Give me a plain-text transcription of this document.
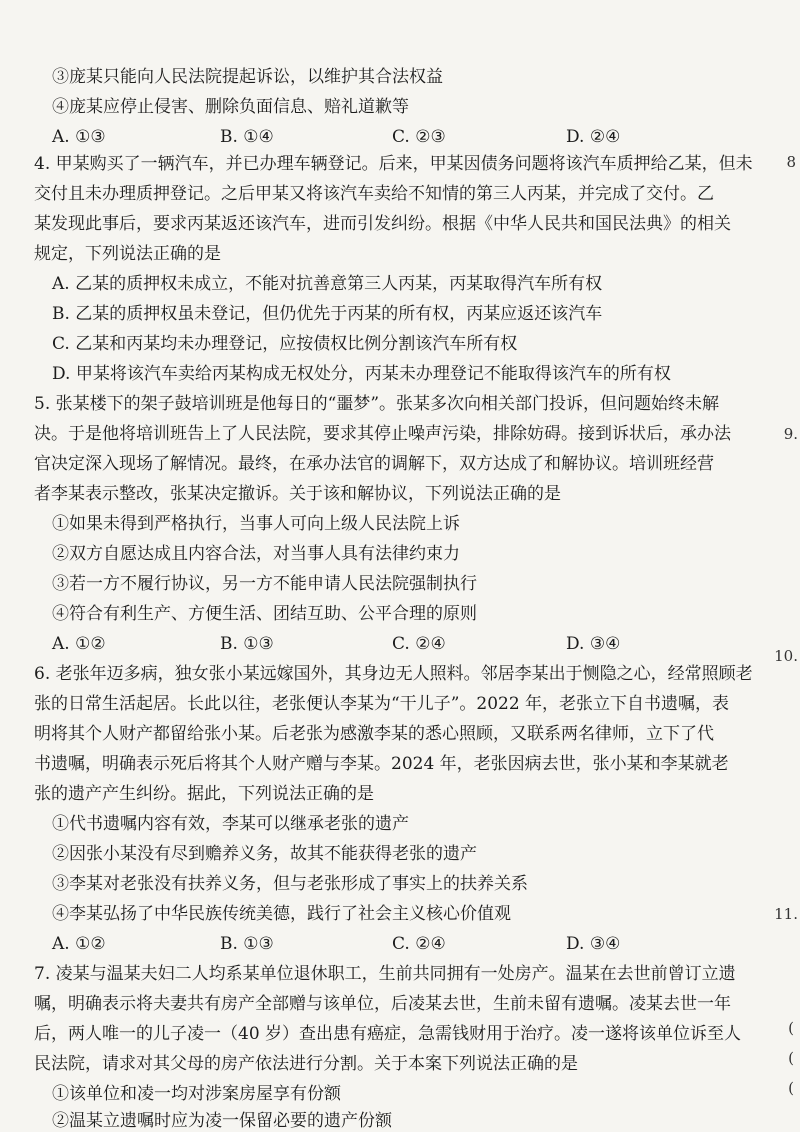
③庞某只能向人民法院提起诉讼，以维护其合法权益
④庞某应停止侵害、删除负面信息、赔礼道歉等
A. ①③	B. ①④	C. ②③	D. ②④
4. 甲某购买了一辆汽车，并已办理车辆登记。后来，甲某因债务问题将该汽车质押给乙某，但未
交付且未办理质押登记。之后甲某又将该汽车卖给不知情的第三人丙某，并完成了交付。乙
某发现此事后，要求丙某返还该汽车，进而引发纠纷。根据《中华人民共和国民法典》的相关
规定，下列说法正确的是
A. 乙某的质押权未成立，不能对抗善意第三人丙某，丙某取得汽车所有权
B. 乙某的质押权虽未登记，但仍优先于丙某的所有权，丙某应返还该汽车
C. 乙某和丙某均未办理登记，应按债权比例分割该汽车所有权
D. 甲某将该汽车卖给丙某构成无权处分，丙某未办理登记不能取得该汽车的所有权
5. 张某楼下的架子鼓培训班是他每日的“噩梦”。张某多次向相关部门投诉，但问题始终未解
决。于是他将培训班告上了人民法院，要求其停止噪声污染，排除妨碍。接到诉状后，承办法
官决定深入现场了解情况。最终，在承办法官的调解下，双方达成了和解协议。培训班经营
者李某表示整改，张某决定撤诉。关于该和解协议，下列说法正确的是
①如果未得到严格执行，当事人可向上级人民法院上诉
②双方自愿达成且内容合法，对当事人具有法律约束力
③若一方不履行协议，另一方不能申请人民法院强制执行
④符合有利生产、方便生活、团结互助、公平合理的原则
A. ①②	B. ①③	C. ②④	D. ③④
6. 老张年迈多病，独女张小某远嫁国外，其身边无人照料。邻居李某出于恻隐之心，经常照顾老
张的日常生活起居。长此以往，老张便认李某为“干儿子”。2022 年，老张立下自书遗嘱，表
明将其个人财产都留给张小某。后老张为感激李某的悉心照顾，又联系两名律师，立下了代
书遗嘱，明确表示死后将其个人财产赠与李某。2024 年，老张因病去世，张小某和李某就老
张的遗产产生纠纷。据此，下列说法正确的是
①代书遗嘱内容有效，李某可以继承老张的遗产
②因张小某没有尽到赡养义务，故其不能获得老张的遗产
③李某对老张没有扶养义务，但与老张形成了事实上的扶养关系
④李某弘扬了中华民族传统美德，践行了社会主义核心价值观
A. ①②	B. ①③	C. ②④	D. ③④
7. 凌某与温某夫妇二人均系某单位退休职工，生前共同拥有一处房产。温某在去世前曾订立遗
嘱，明确表示将夫妻共有房产全部赠与该单位，后凌某去世，生前未留有遗嘱。凌某去世一年
后，两人唯一的儿子凌一（40 岁）查出患有癌症，急需钱财用于治疗。凌一遂将该单位诉至人
民法院，请求对其父母的房产依法进行分割。关于本案下列说法正确的是
①该单位和凌一均对涉案房屋享有份额
②温某立遗嘱时应为凌一保留必要的遗产份额
8
9.
10.
11.
(
(
(
